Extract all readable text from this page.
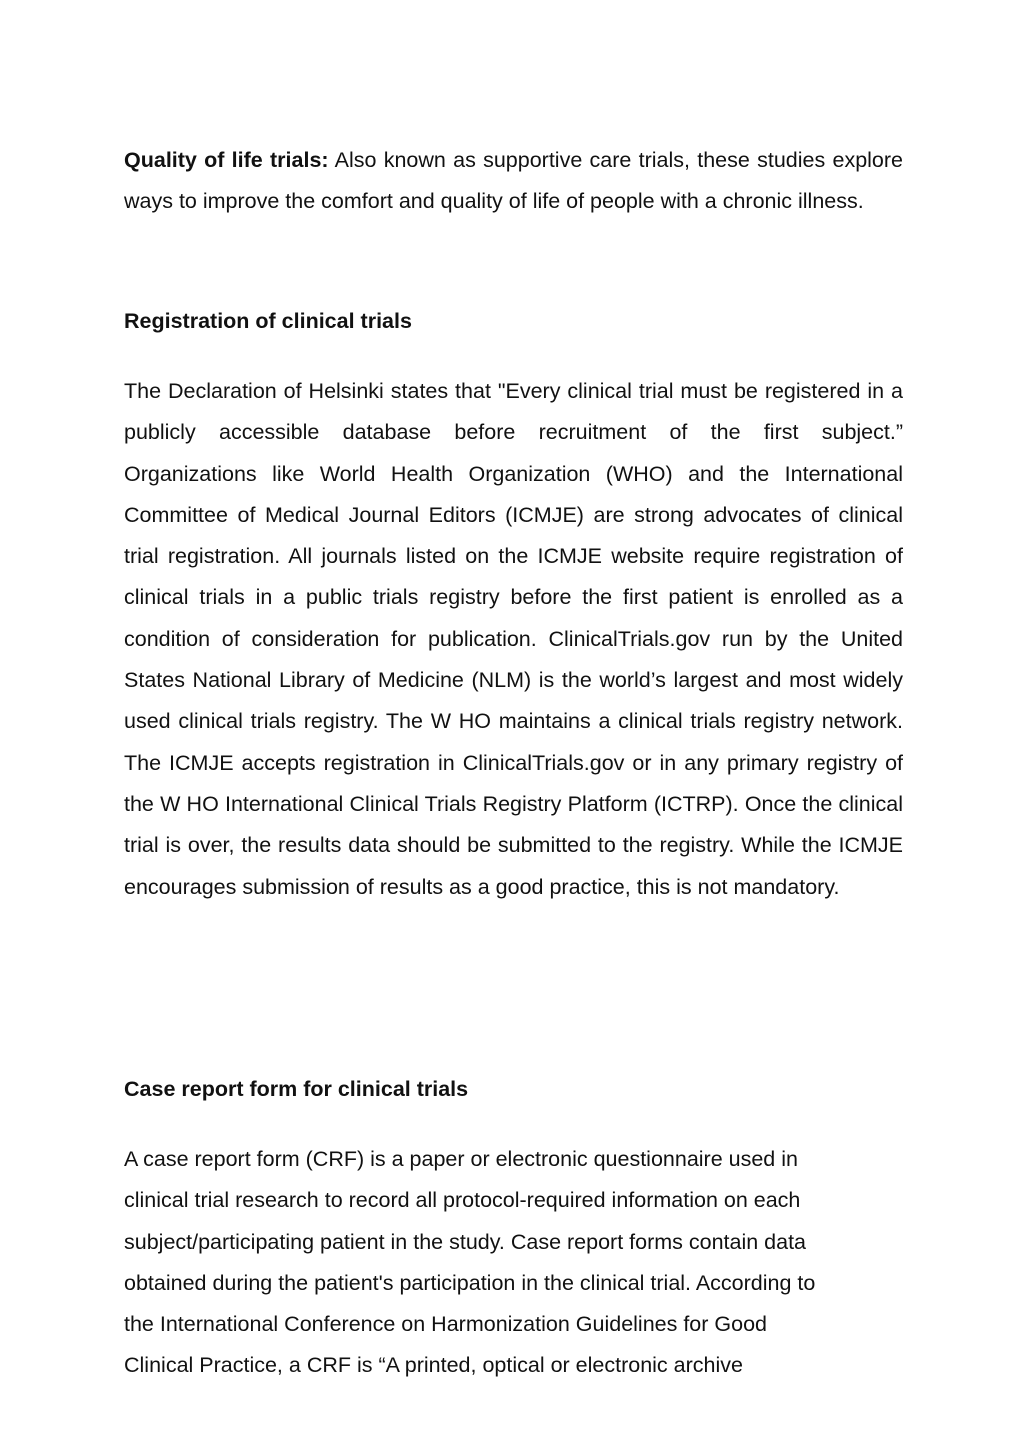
Quality of life trials: Also known as supportive care trials, these studies explore ways to improve the comfort and quality of life of people with a chronic illness.

Registration of clinical trials

The Declaration of Helsinki states that "Every clinical trial must be registered in a publicly accessible database before recruitment of the first subject.” Organizations like World Health Organization (WHO) and the International Committee of Medical Journal Editors (ICMJE) are strong advocates of clinical trial registration. All journals listed on the ICMJE website require registration of clinical trials in a public trials registry before the first patient is enrolled as a condition of consideration for publication. ClinicalTrials.gov run by the United States National Library of Medicine (NLM) is the world’s largest and most widely used clinical trials registry. The W HO maintains a clinical trials registry network. The ICMJE accepts registration in ClinicalTrials.gov or in any primary registry of the W HO International Clinical Trials Registry Platform (ICTRP). Once the clinical trial is over, the results data should be submitted to the registry. While the ICMJE encourages submission of results as a good practice, this is not mandatory.

Case report form for clinical trials

A case report form (CRF) is a paper or electronic questionnaire used in
clinical trial research to record all protocol-required information on each
subject/participating patient in the study. Case report forms contain data
obtained during the patient's participation in the clinical trial. According to
the International Conference on Harmonization Guidelines for Good
Clinical Practice, a CRF is “A printed, optical or electronic archive
